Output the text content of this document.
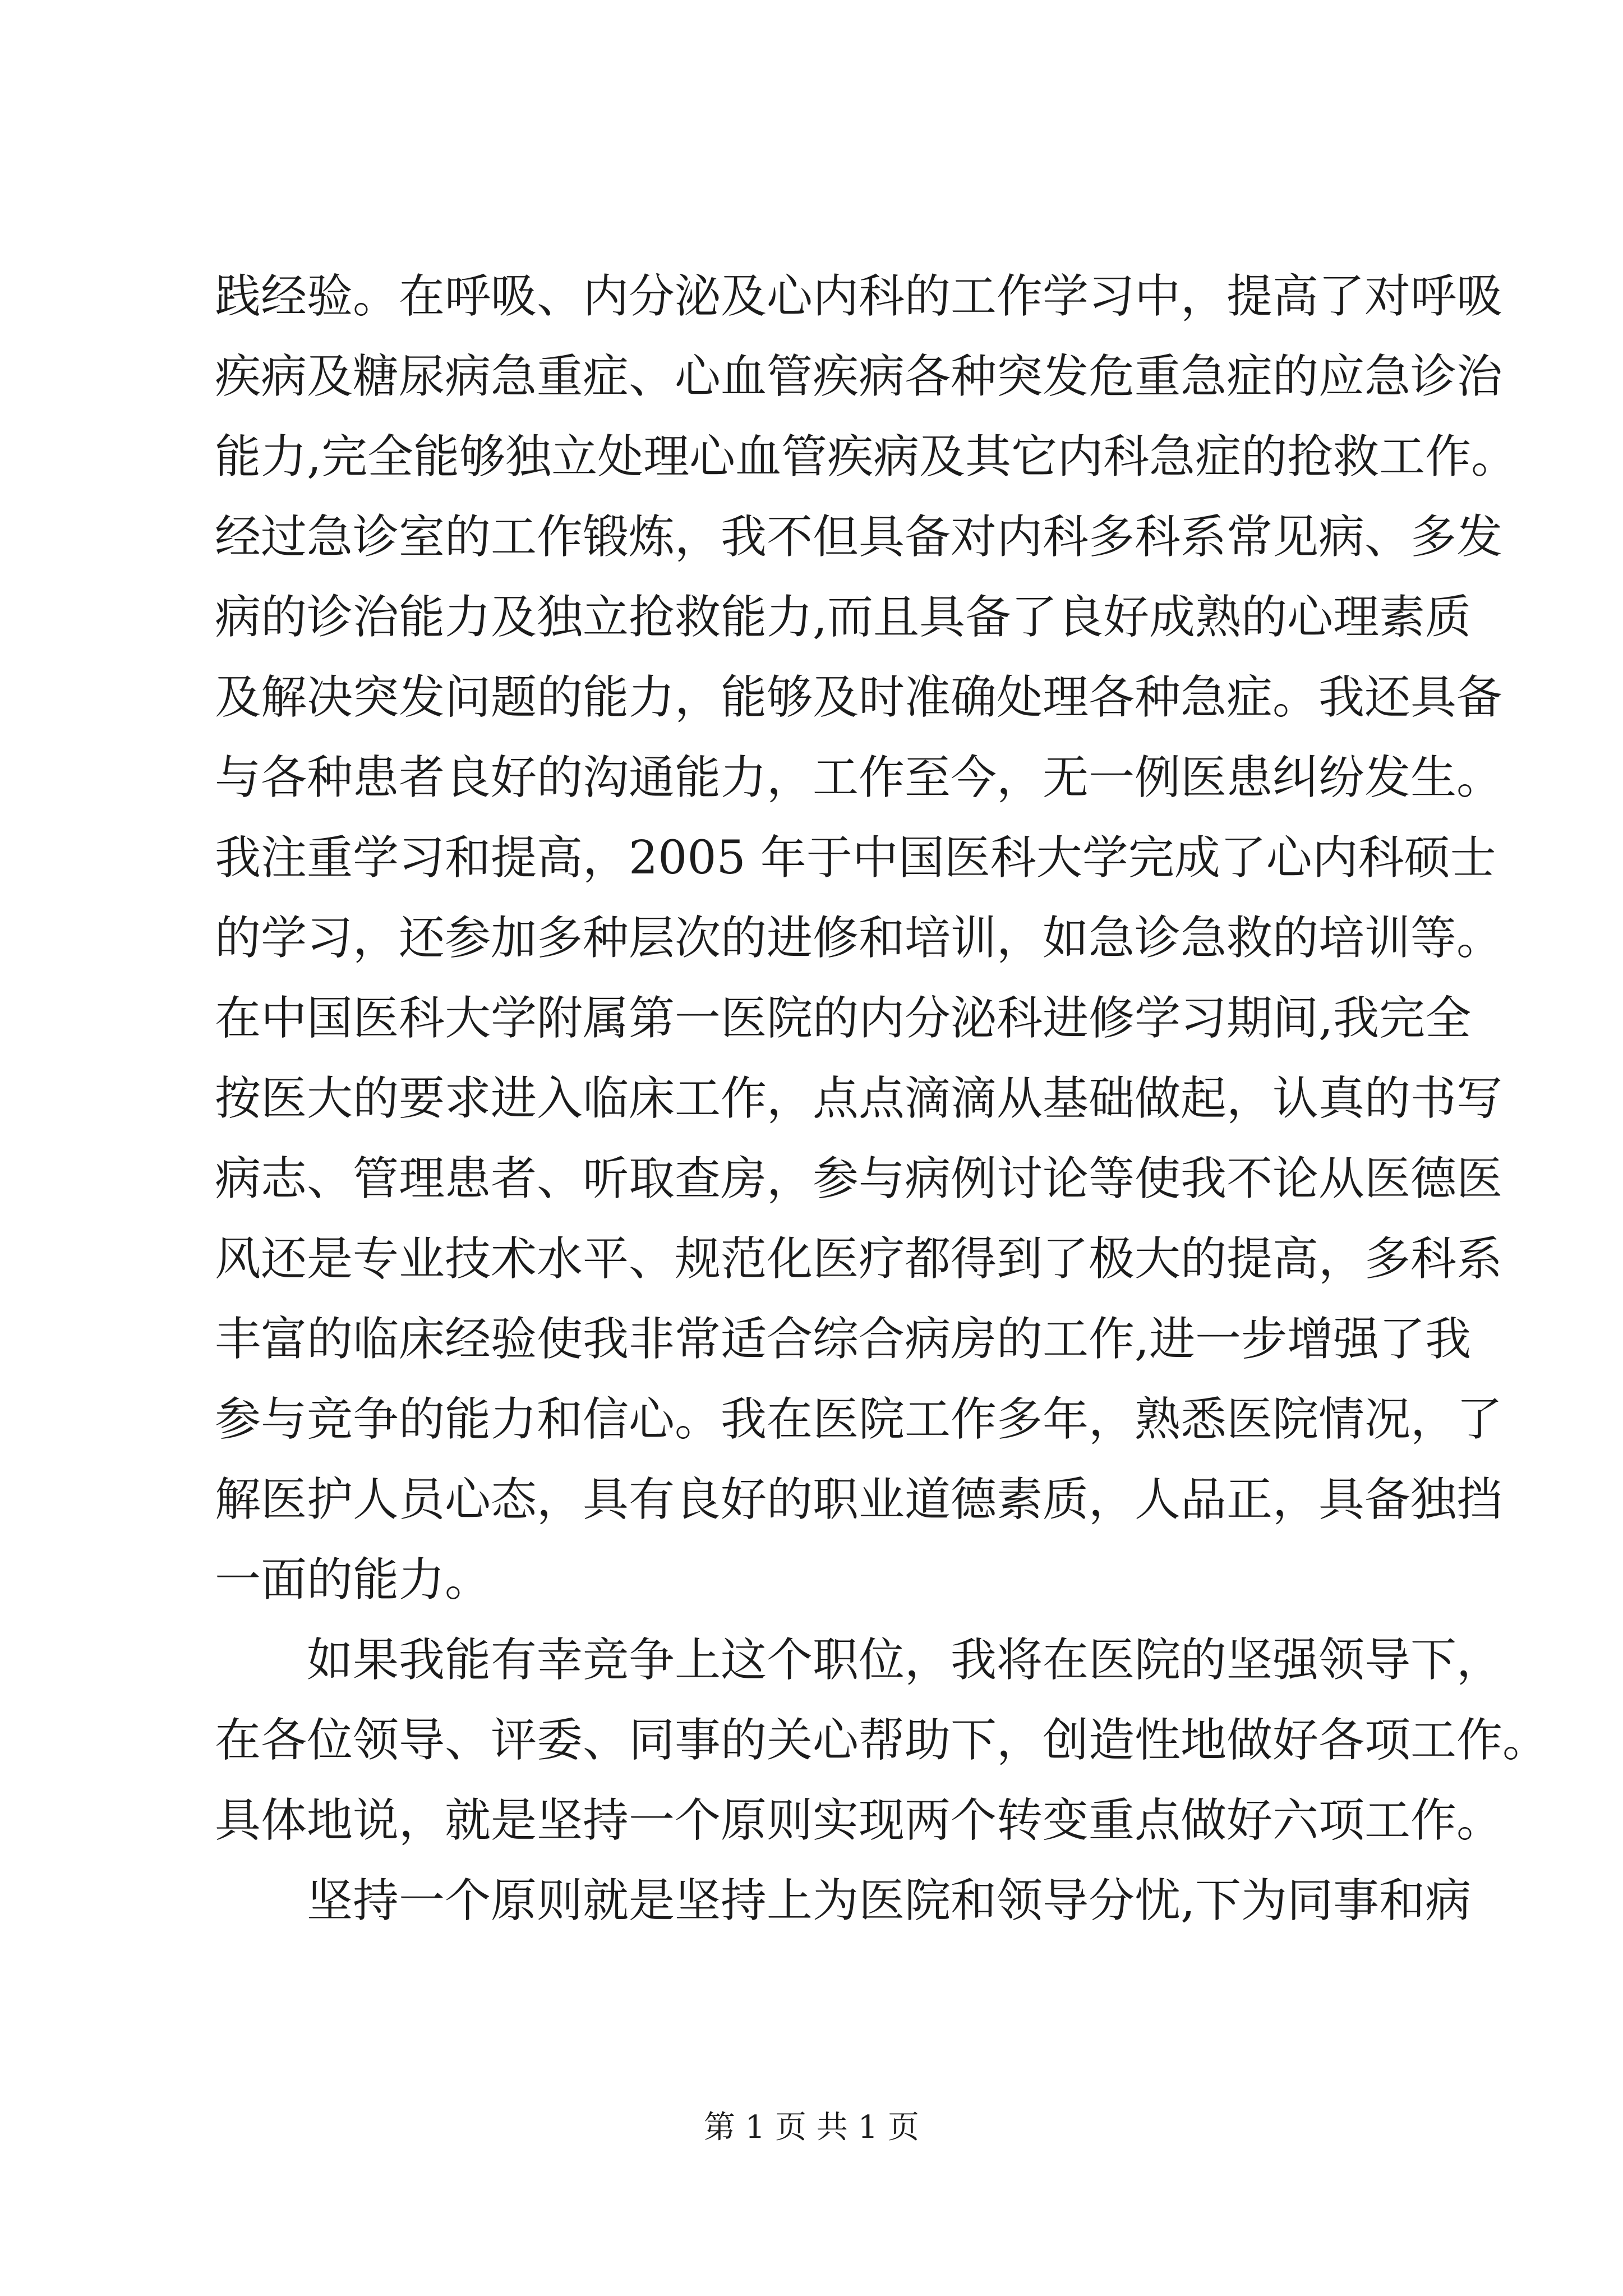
践经验。在呼吸、内分泌及心内科的工作学习中，提高了对呼吸
疾病及糖尿病急重症、心血管疾病各种突发危重急症的应急诊治
能力,完全能够独立处理心血管疾病及其它内科急症的抢救工作。
经过急诊室的工作锻炼，我不但具备对内科多科系常见病、多发
病的诊治能力及独立抢救能力,而且具备了良好成熟的心理素质
及解决突发问题的能力，能够及时准确处理各种急症。我还具备
与各种患者良好的沟通能力，工作至今，无一例医患纠纷发生。
我注重学习和提高，2005 年于中国医科大学完成了心内科硕士
的学习，还参加多种层次的进修和培训，如急诊急救的培训等。
在中国医科大学附属第一医院的内分泌科进修学习期间,我完全
按医大的要求进入临床工作，点点滴滴从基础做起，认真的书写
病志、管理患者、听取查房，参与病例讨论等使我不论从医德医
风还是专业技术水平、规范化医疗都得到了极大的提高，多科系
丰富的临床经验使我非常适合综合病房的工作,进一步增强了我
参与竞争的能力和信心。我在医院工作多年，熟悉医院情况，了
解医护人员心态，具有良好的职业道德素质，人品正，具备独挡
一面的能力。
如果我能有幸竞争上这个职位，我将在医院的坚强领导下，
在各位领导、评委、同事的关心帮助下，创造性地做好各项工作。
具体地说，就是坚持一个原则实现两个转变重点做好六项工作。
坚持一个原则就是坚持上为医院和领导分忧,下为同事和病
第 1 页 共 1 页
